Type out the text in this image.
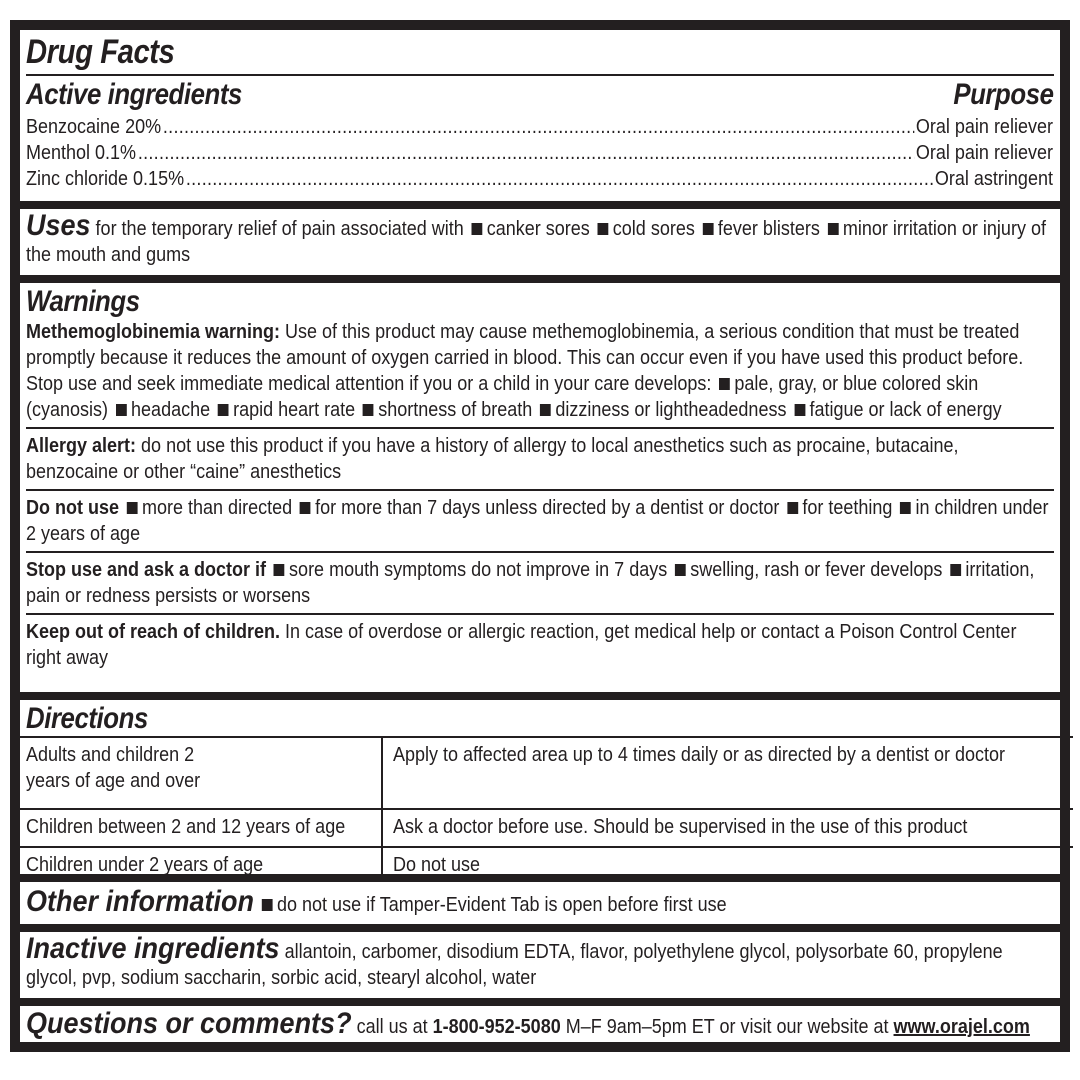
Drug Facts
Active ingredients	Purpose
Benzocaine 20% .....	Oral pain reliever
Menthol 0.1% .....	Oral pain reliever
Zinc chloride 0.15% .....	Oral astringent
Uses for the temporary relief of pain associated with canker sores cold sores fever blisters minor irritation or injury of the mouth and gums
Warnings
Methemoglobinemia warning: Use of this product may cause methemoglobinemia, a serious condition that must be treated promptly because it reduces the amount of oxygen carried in blood. This can occur even if you have used this product before. Stop use and seek immediate medical attention if you or a child in your care develops: pale, gray, or blue colored skin (cyanosis) headache rapid heart rate shortness of breath dizziness or lightheadedness fatigue or lack of energy
Allergy alert: do not use this product if you have a history of allergy to local anesthetics such as procaine, butacaine, benzocaine or other “caine” anesthetics
Do not use more than directed for more than 7 days unless directed by a dentist or doctor for teething in children under 2 years of age
Stop use and ask a doctor if sore mouth symptoms do not improve in 7 days swelling, rash or fever develops irritation, pain or redness persists or worsens
Keep out of reach of children. In case of overdose or allergic reaction, get medical help or contact a Poison Control Center right away
Directions
Adults and children 2 years of age and over	Apply to affected area up to 4 times daily or as directed by a dentist or doctor

Children between 2 and 12 years of age	Ask a doctor before use. Should be supervised in the use of this product

Children under 2 years of age	Do not use
Other information do not use if Tamper-Evident Tab is open before first use
Inactive ingredients allantoin, carbomer, disodium EDTA, flavor, polyethylene glycol, polysorbate 60, propylene glycol, pvp, sodium saccharin, sorbic acid, stearyl alcohol, water
Questions or comments? call us at 1-800-952-5080 M–F 9am–5pm ET or visit our website at www.orajel.com
